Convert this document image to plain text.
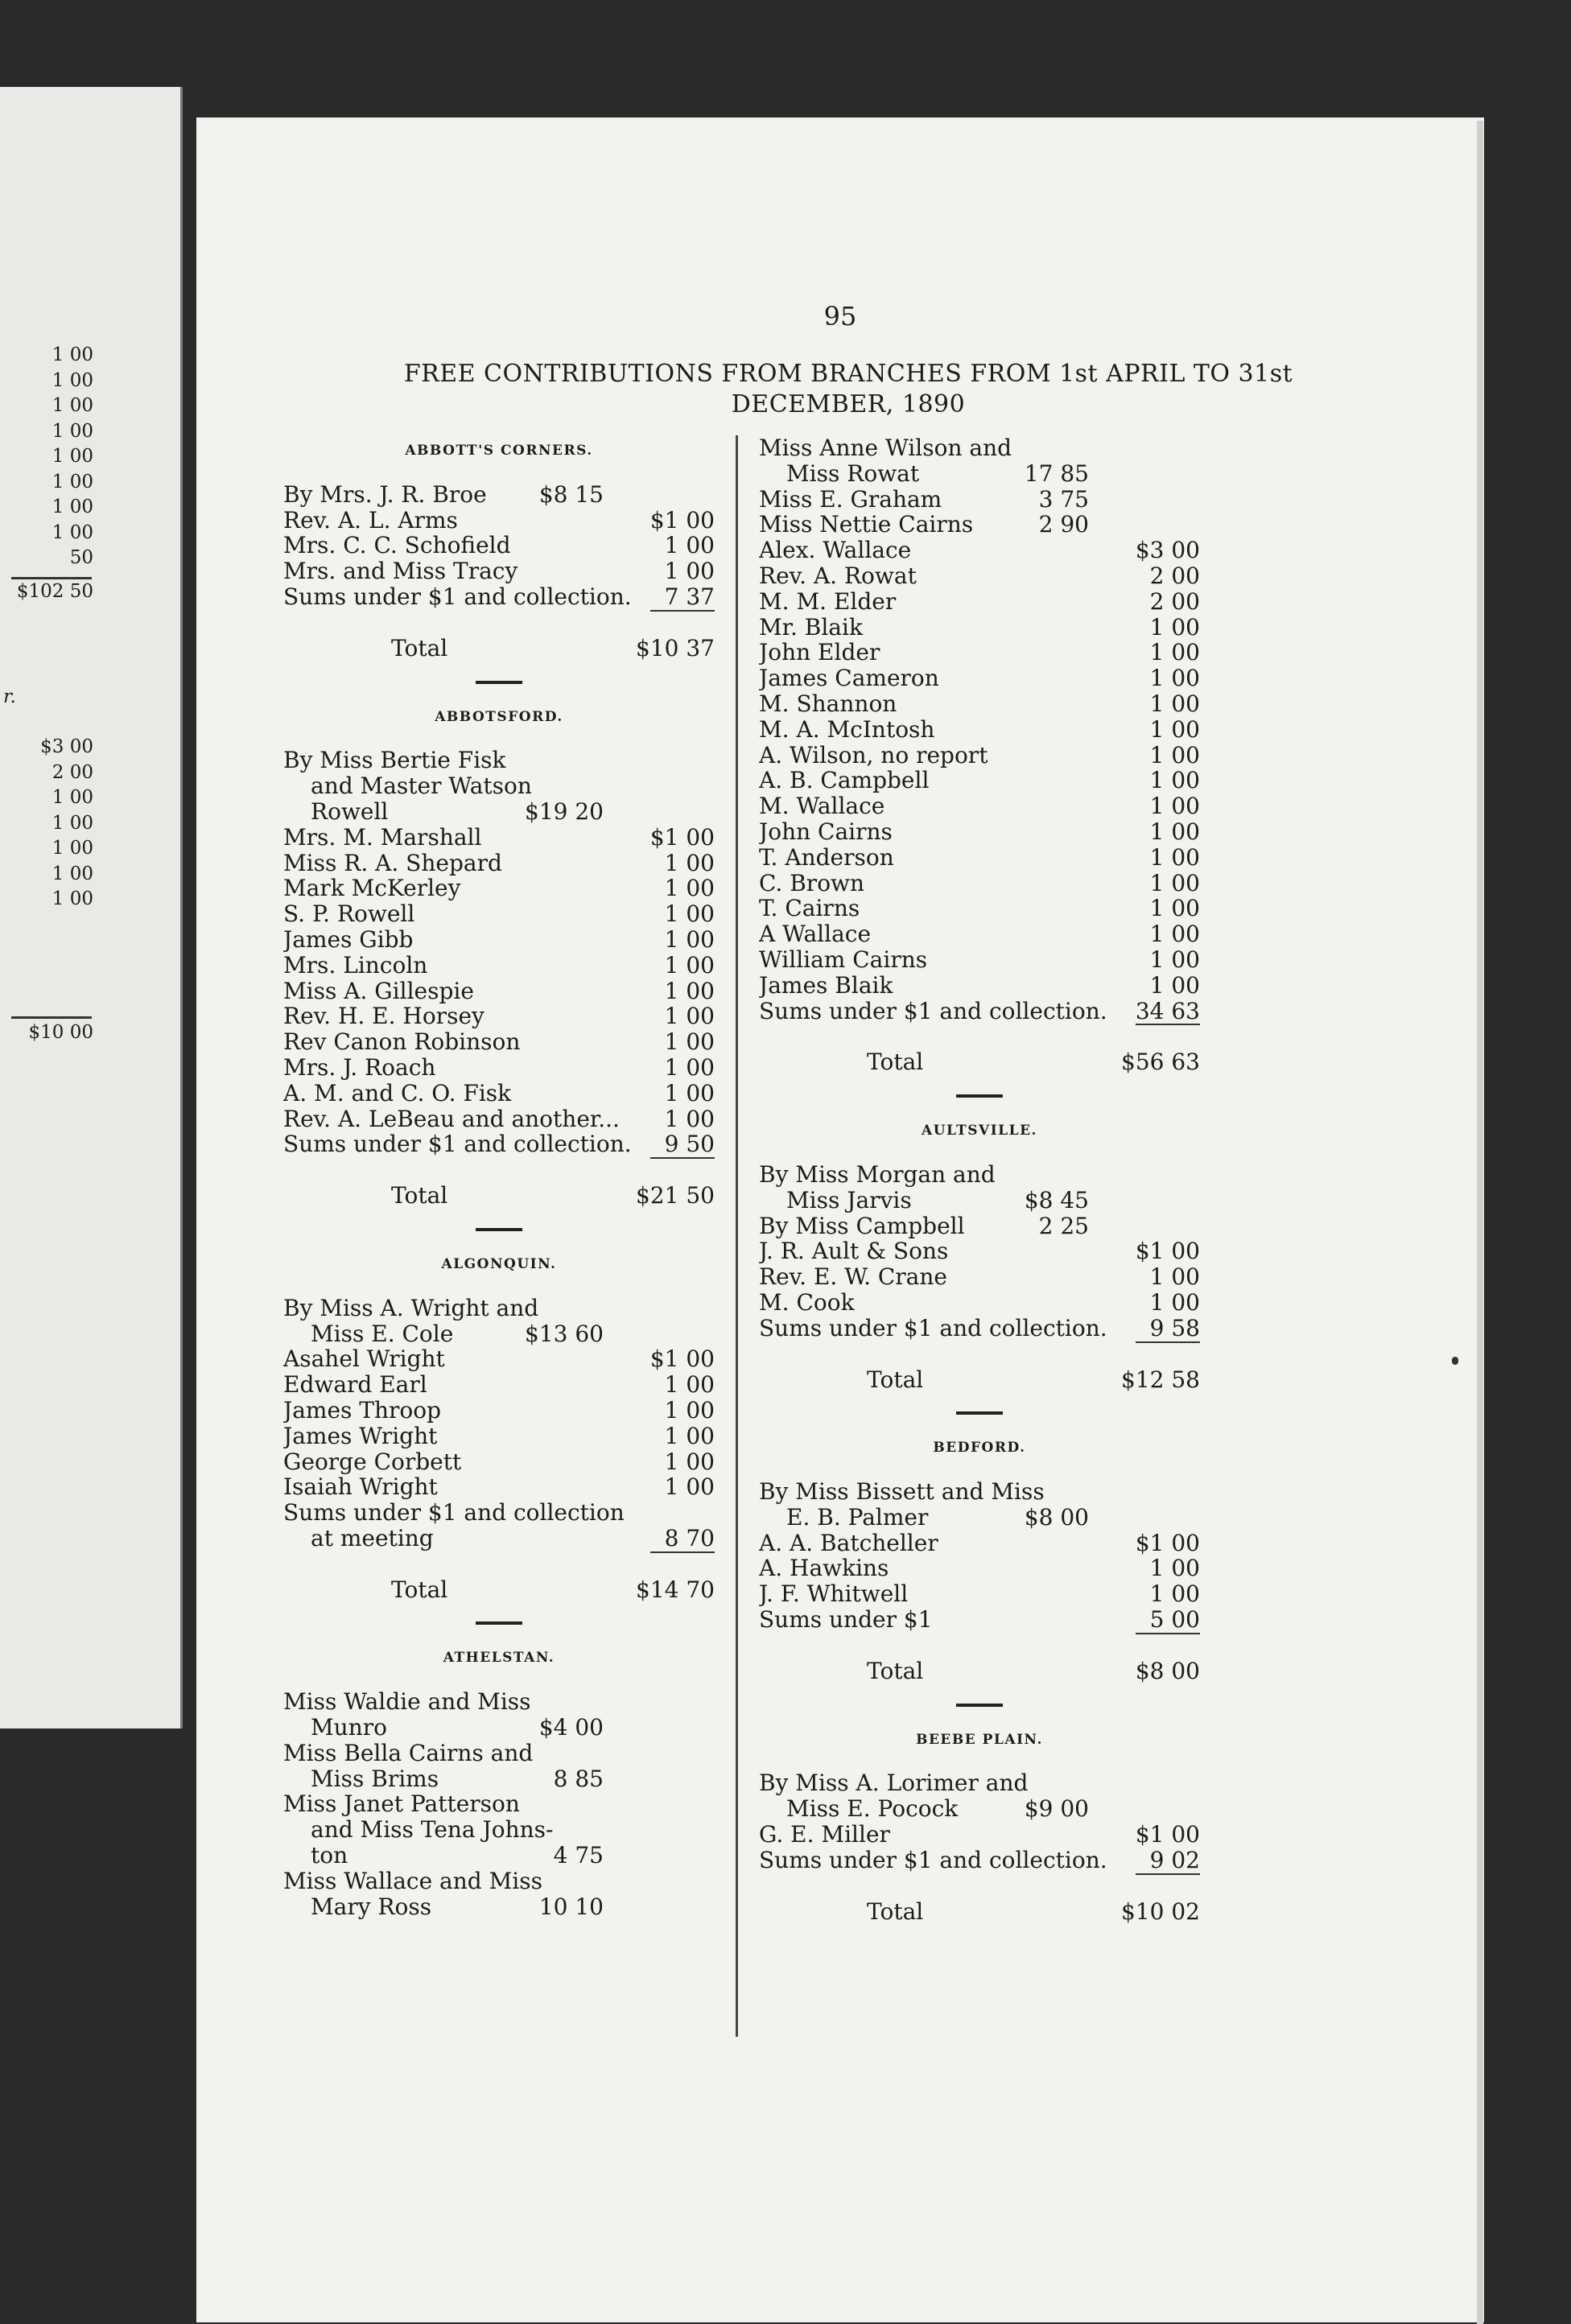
1 00
1 00
1 00
1 00
1 00
1 00
1 00
1 00
50
$102 50
r.
$3 00
2 00
1 00
1 00
1 00
1 00
1 00
$10 00
95
FREE CONTRIBUTIONS FROM BRANCHES FROM 1st APRIL TO 31st
DECEMBER, 1890
ABBOTT'S CORNERS.
By Mrs. J. R. Broe $8 15
Rev. A. L. Arms	$1 00
Mrs. C. C. Schofield	1 00
Mrs. and Miss Tracy	1 00
Sums under $1 and collection. 7 37
Total	$10 37
ABBOTSFORD.
By Miss Bertie Fisk
and Master Watson
Rowell	$19 20
Mrs. M. Marshall	$1 00
Miss R. A. Shepard	1 00
Mark McKerley	1 00
S. P. Rowell	1 00
James Gibb	1 00
Mrs. Lincoln	1 00
Miss A. Gillespie	1 00
Rev. H. E. Horsey	1 00
Rev Canon Robinson	1 00
Mrs. J. Roach	1 00
A. M. and C. O. Fisk	1 00
Rev. A. LeBeau and another... 1 00
Sums under $1 and collection. 9 50
Total	$21 50
ALGONQUIN.
By Miss A. Wright and
Miss E. Cole	$13 60
Asahel Wright	$1 00
Edward Earl	1 00
James Throop	1 00
James Wright	1 00
George Corbett	1 00
Isaiah Wright	1 00
Sums under $1 and collection
at meeting	8 70
Total	$14 70
ATHELSTAN.
Miss Waldie and Miss
Munro	$4 00
Miss Bella Cairns and
Miss Brims	8 85
Miss Janet Patterson
and Miss Tena Johns-
ton	4 75
Miss Wallace and Miss
Mary Ross	10 10
Miss Anne Wilson and
Miss Rowat	17 85
Miss E. Graham	3 75
Miss Nettie Cairns	2 90
Alex. Wallace	$3 00
Rev. A. Rowat	2 00
M. M. Elder	2 00
Mr. Blaik	1 00
John Elder	1 00
James Cameron	1 00
M. Shannon	1 00
M. A. McIntosh	1 00
A. Wilson, no report	1 00
A. B. Campbell	1 00
M. Wallace	1 00
John Cairns	1 00
T. Anderson	1 00
C. Brown	1 00
T. Cairns	1 00
A Wallace	1 00
William Cairns	1 00
James Blaik	1 00
Sums under $1 and collection. 34 63
Total	$56 63
AULTSVILLE.
By Miss Morgan and
Miss Jarvis	$8 45
By Miss Campbell	2 25
J. R. Ault & Sons	$1 00
Rev. E. W. Crane	1 00
M. Cook	1 00
Sums under $1 and collection. 9 58
Total	$12 58
BEDFORD.
By Miss Bissett and Miss
E. B. Palmer	$8 00
A. A. Batcheller	$1 00
A. Hawkins	1 00
J. F. Whitwell	1 00
Sums under $1	5 00
Total	$8 00
BEEBE PLAIN.
By Miss A. Lorimer and
Miss E. Pocock	$9 00
G. E. Miller	$1 00
Sums under $1 and collection. 9 02
Total	$10 02
